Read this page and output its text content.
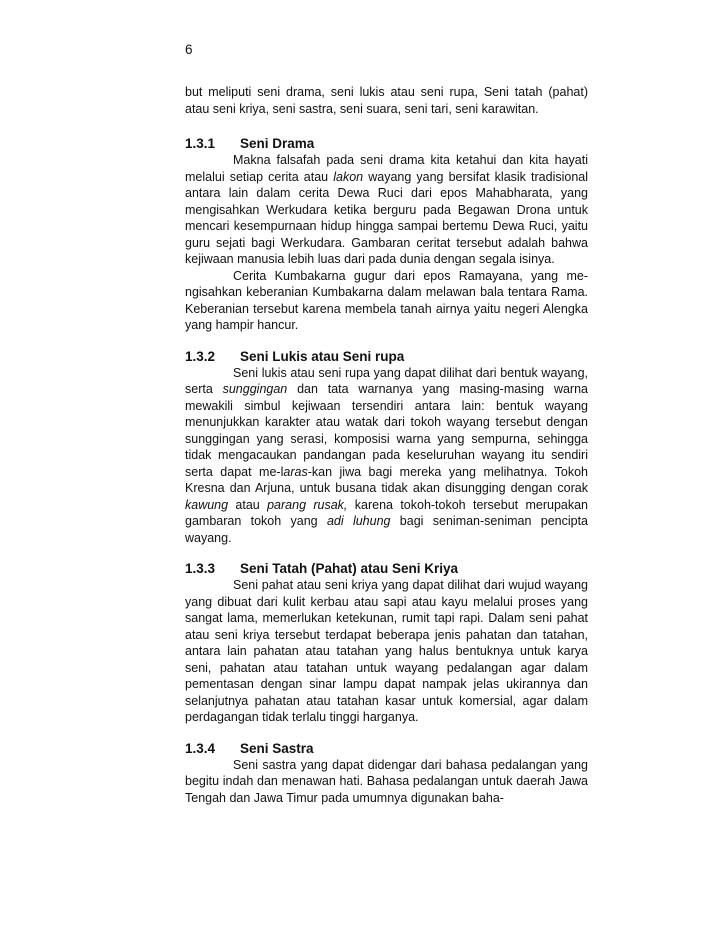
6

but meliputi seni drama, seni lukis atau seni rupa, Seni tatah (pahat) atau seni kriya, seni sastra, seni suara, seni tari, seni karawitan.

1.3.1	Seni Drama

Makna falsafah pada seni drama kita ketahui dan kita hayati melalui setiap cerita atau lakon wayang yang bersifat klasik tradisional antara lain dalam cerita Dewa Ruci dari epos Mahabharata, yang mengisahkan Werkudara ketika berguru pada Begawan Drona untuk mencari kesempurnaan hidup hingga sampai bertemu Dewa Ruci, yaitu guru sejati bagi Werkudara. Gambaran ceritat tersebut adalah bahwa kejiwaan manusia lebih luas dari pada dunia dengan segala isinya.

Cerita Kumbakarna gugur dari epos Ramayana, yang mengisahkan keberanian Kumbakarna dalam melawan bala tentara Rama. Keberanian tersebut karena membela tanah airnya yaitu negeri Alengka yang hampir hancur.

1.3.2	Seni Lukis atau Seni rupa

Seni lukis atau seni rupa yang dapat dilihat dari bentuk wayang, serta sunggingan dan tata warnanya yang masing-masing warna mewakili simbul kejiwaan tersendiri antara lain: bentuk wayang menunjukkan karakter atau watak dari tokoh wayang tersebut dengan sunggingan yang serasi, komposisi warna yang sempurna, sehingga tidak mengacaukan pandangan pada keseluruhan wayang itu sendiri serta dapat me-laras-kan jiwa bagi mereka yang melihatnya. Tokoh Kresna dan Arjuna, untuk busana tidak akan disungging dengan corak kawung atau parang rusak, karena tokoh-tokoh tersebut merupakan gambaran tokoh yang adi luhung bagi seniman-seniman pencipta wayang.

1.3.3	Seni Tatah (Pahat) atau Seni Kriya

Seni pahat atau seni kriya yang dapat dilihat dari wujud wayang yang dibuat dari kulit kerbau atau sapi atau kayu melalui proses yang sangat lama, memerlukan ketekunan, rumit tapi rapi. Dalam seni pahat atau seni kriya tersebut terdapat beberapa jenis pahatan dan tatahan, antara lain pahatan atau tatahan yang halus bentuknya untuk karya seni, pahatan atau tatahan untuk wayang pedalangan agar dalam pementasan dengan sinar lampu dapat nampak jelas ukirannya dan selanjutnya pahatan atau tatahan kasar untuk komersial, agar dalam perdagangan tidak terlalu tinggi harganya.

1.3.4	Seni Sastra

Seni sastra yang dapat didengar dari bahasa pedalangan yang begitu indah dan menawan hati. Bahasa pedalangan untuk daerah Jawa Tengah dan Jawa Timur pada umumnya digunakan baha-
